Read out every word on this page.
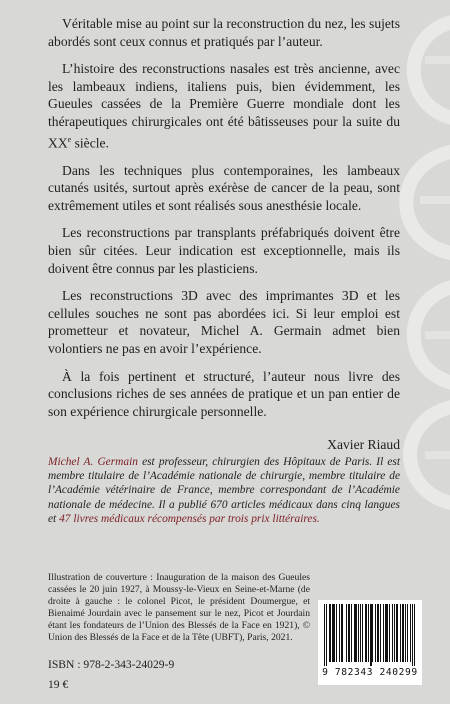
Véritable mise au point sur la reconstruction du nez, les sujets abordés sont ceux connus et pratiqués par l’auteur.

L’histoire des reconstructions nasales est très ancienne, avec les lambeaux indiens, italiens puis, bien évidemment, les Gueules cassées de la Première Guerre mondiale dont les thérapeutiques chirurgicales ont été bâtisseuses pour la suite du XXe siècle.

Dans les techniques plus contemporaines, les lambeaux cutanés usités, surtout après exérèse de cancer de la peau, sont extrêmement utiles et sont réalisés sous anesthésie locale.

Les reconstructions par transplants préfabriqués doivent être bien sûr citées. Leur indication est exceptionnelle, mais ils doivent être connus par les plasticiens.

Les reconstructions 3D avec des imprimantes 3D et les cellules souches ne sont pas abordées ici. Si leur emploi est prometteur et novateur, Michel A. Germain admet bien volontiers ne pas en avoir l’expérience.

À la fois pertinent et structuré, l’auteur nous livre des conclusions riches de ses années de pratique et un pan entier de son expérience chirurgicale personnelle.

Xavier Riaud

Michel A. Germain est professeur, chirurgien des Hôpitaux de Paris. Il est membre titulaire de l’Académie nationale de chirurgie, membre titulaire de l’Académie vétérinaire de France, membre correspondant de l’Académie nationale de médecine. Il a publié 670 articles médicaux dans cinq langues et 47 livres médicaux récompensés par trois prix littéraires.

Illustration de couverture : Inauguration de la maison des Gueules cassées le 20 juin 1927, à Moussy-le-Vieux en Seine-et-Marne (de droite à gauche : le colonel Picot, le président Doumergue, et Bienaimé Jourdain avec le pansement sur le nez, Picot et Jourdain étant les fondateurs de l’Union des Blessés de la Face en 1921), © Union des Blessés de la Face et de la Tête (UBFT), Paris, 2021.

ISBN : 978-2-343-24029-9
19 €
9 782343 240299
